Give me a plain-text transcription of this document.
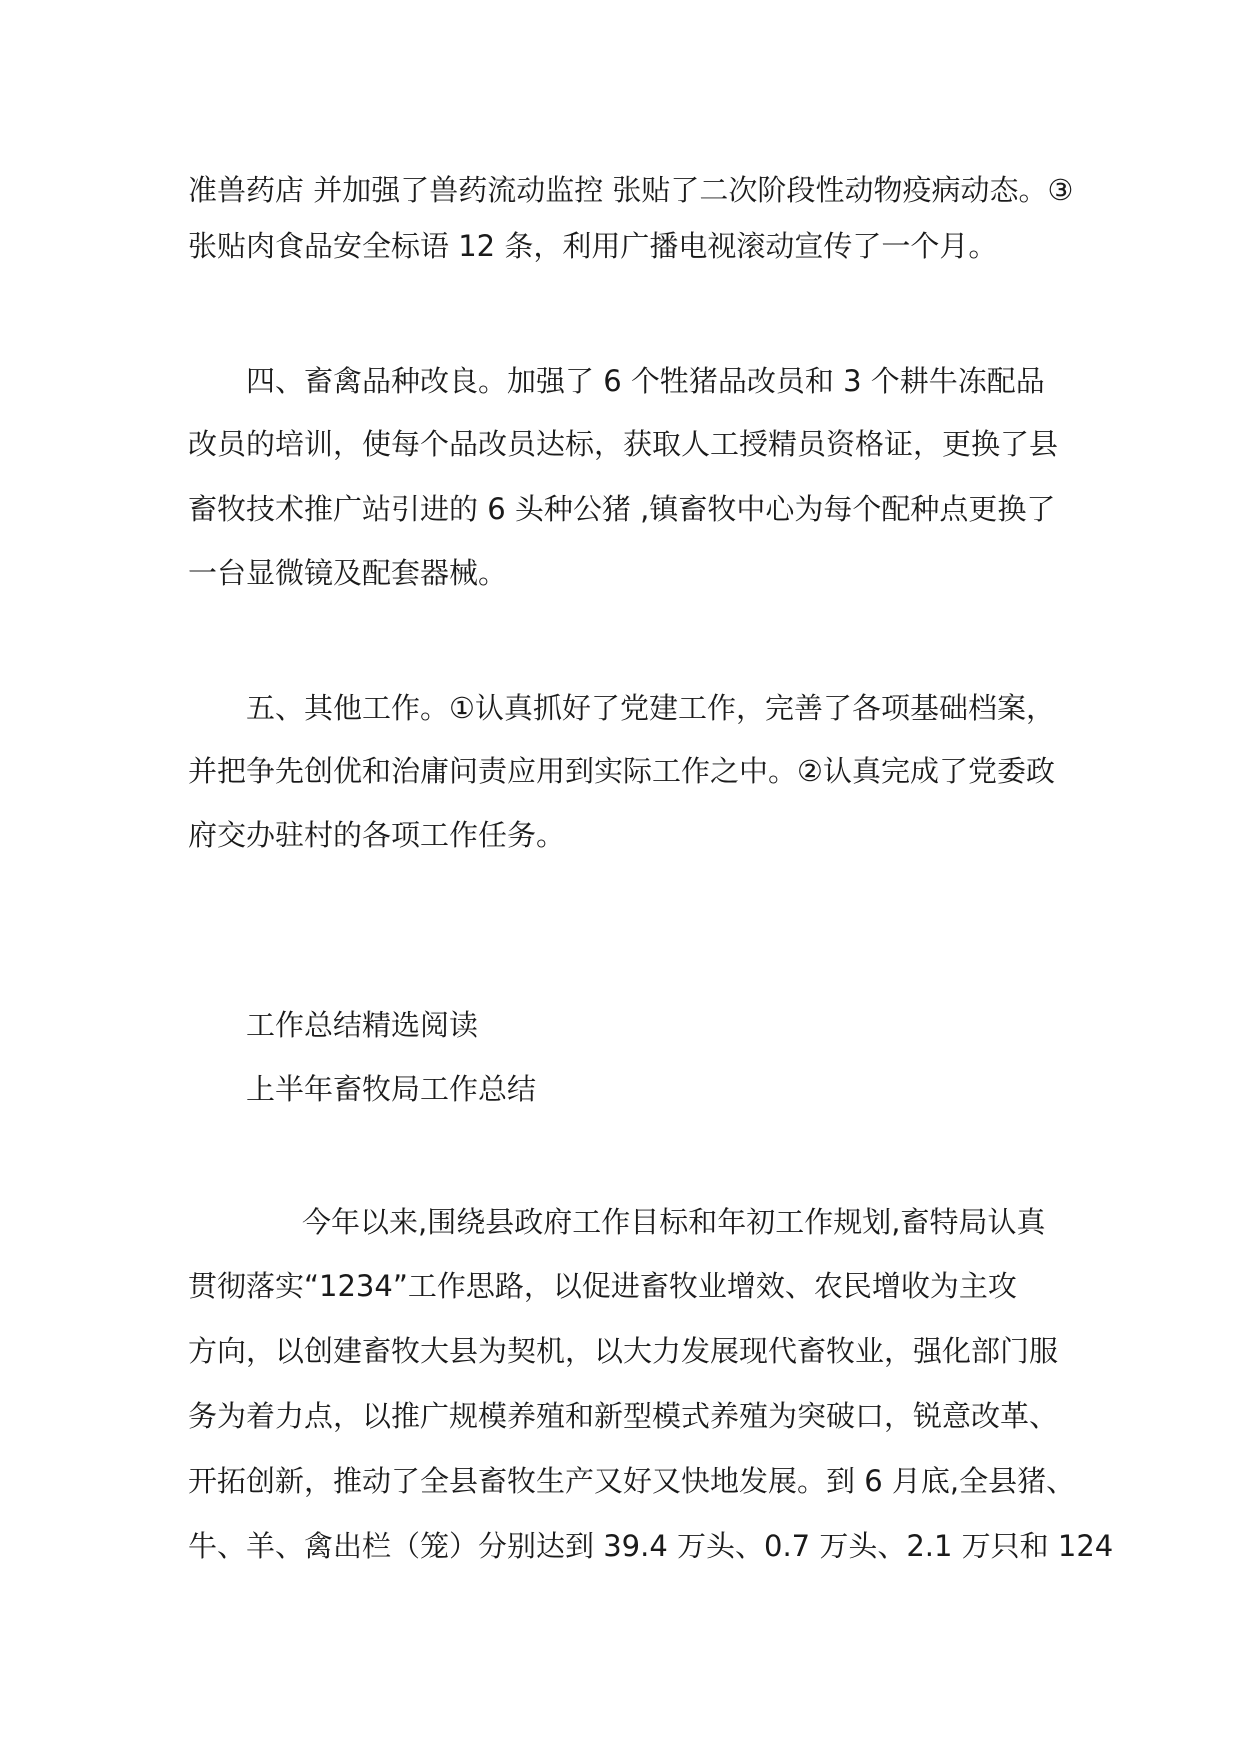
准兽药店 并加强了兽药流动监控 张贴了二次阶段性动物疫病动态。③
张贴肉食品安全标语 12 条，利用广播电视滚动宣传了一个月。
四、畜禽品种改良。加强了 6 个牲猪品改员和 3 个耕牛冻配品
改员的培训，使每个品改员达标，获取人工授精员资格证，更换了县
畜牧技术推广站引进的 6 头种公猪 ,镇畜牧中心为每个配种点更换了
一台显微镜及配套器械。
五、其他工作。①认真抓好了党建工作，完善了各项基础档案，
并把争先创优和治庸问责应用到实际工作之中。②认真完成了党委政
府交办驻村的各项工作任务。
工作总结精选阅读
上半年畜牧局工作总结
今年以来,围绕县政府工作目标和年初工作规划,畜特局认真
贯彻落实“1234”工作思路，以促进畜牧业增效、农民增收为主攻
方向，以创建畜牧大县为契机，以大力发展现代畜牧业，强化部门服
务为着力点，以推广规模养殖和新型模式养殖为突破口，锐意改革、
开拓创新，推动了全县畜牧生产又好又快地发展。到 6 月底,全县猪、
牛、羊、禽出栏（笼）分别达到 39.4 万头、0.7 万头、2.1 万只和 124
